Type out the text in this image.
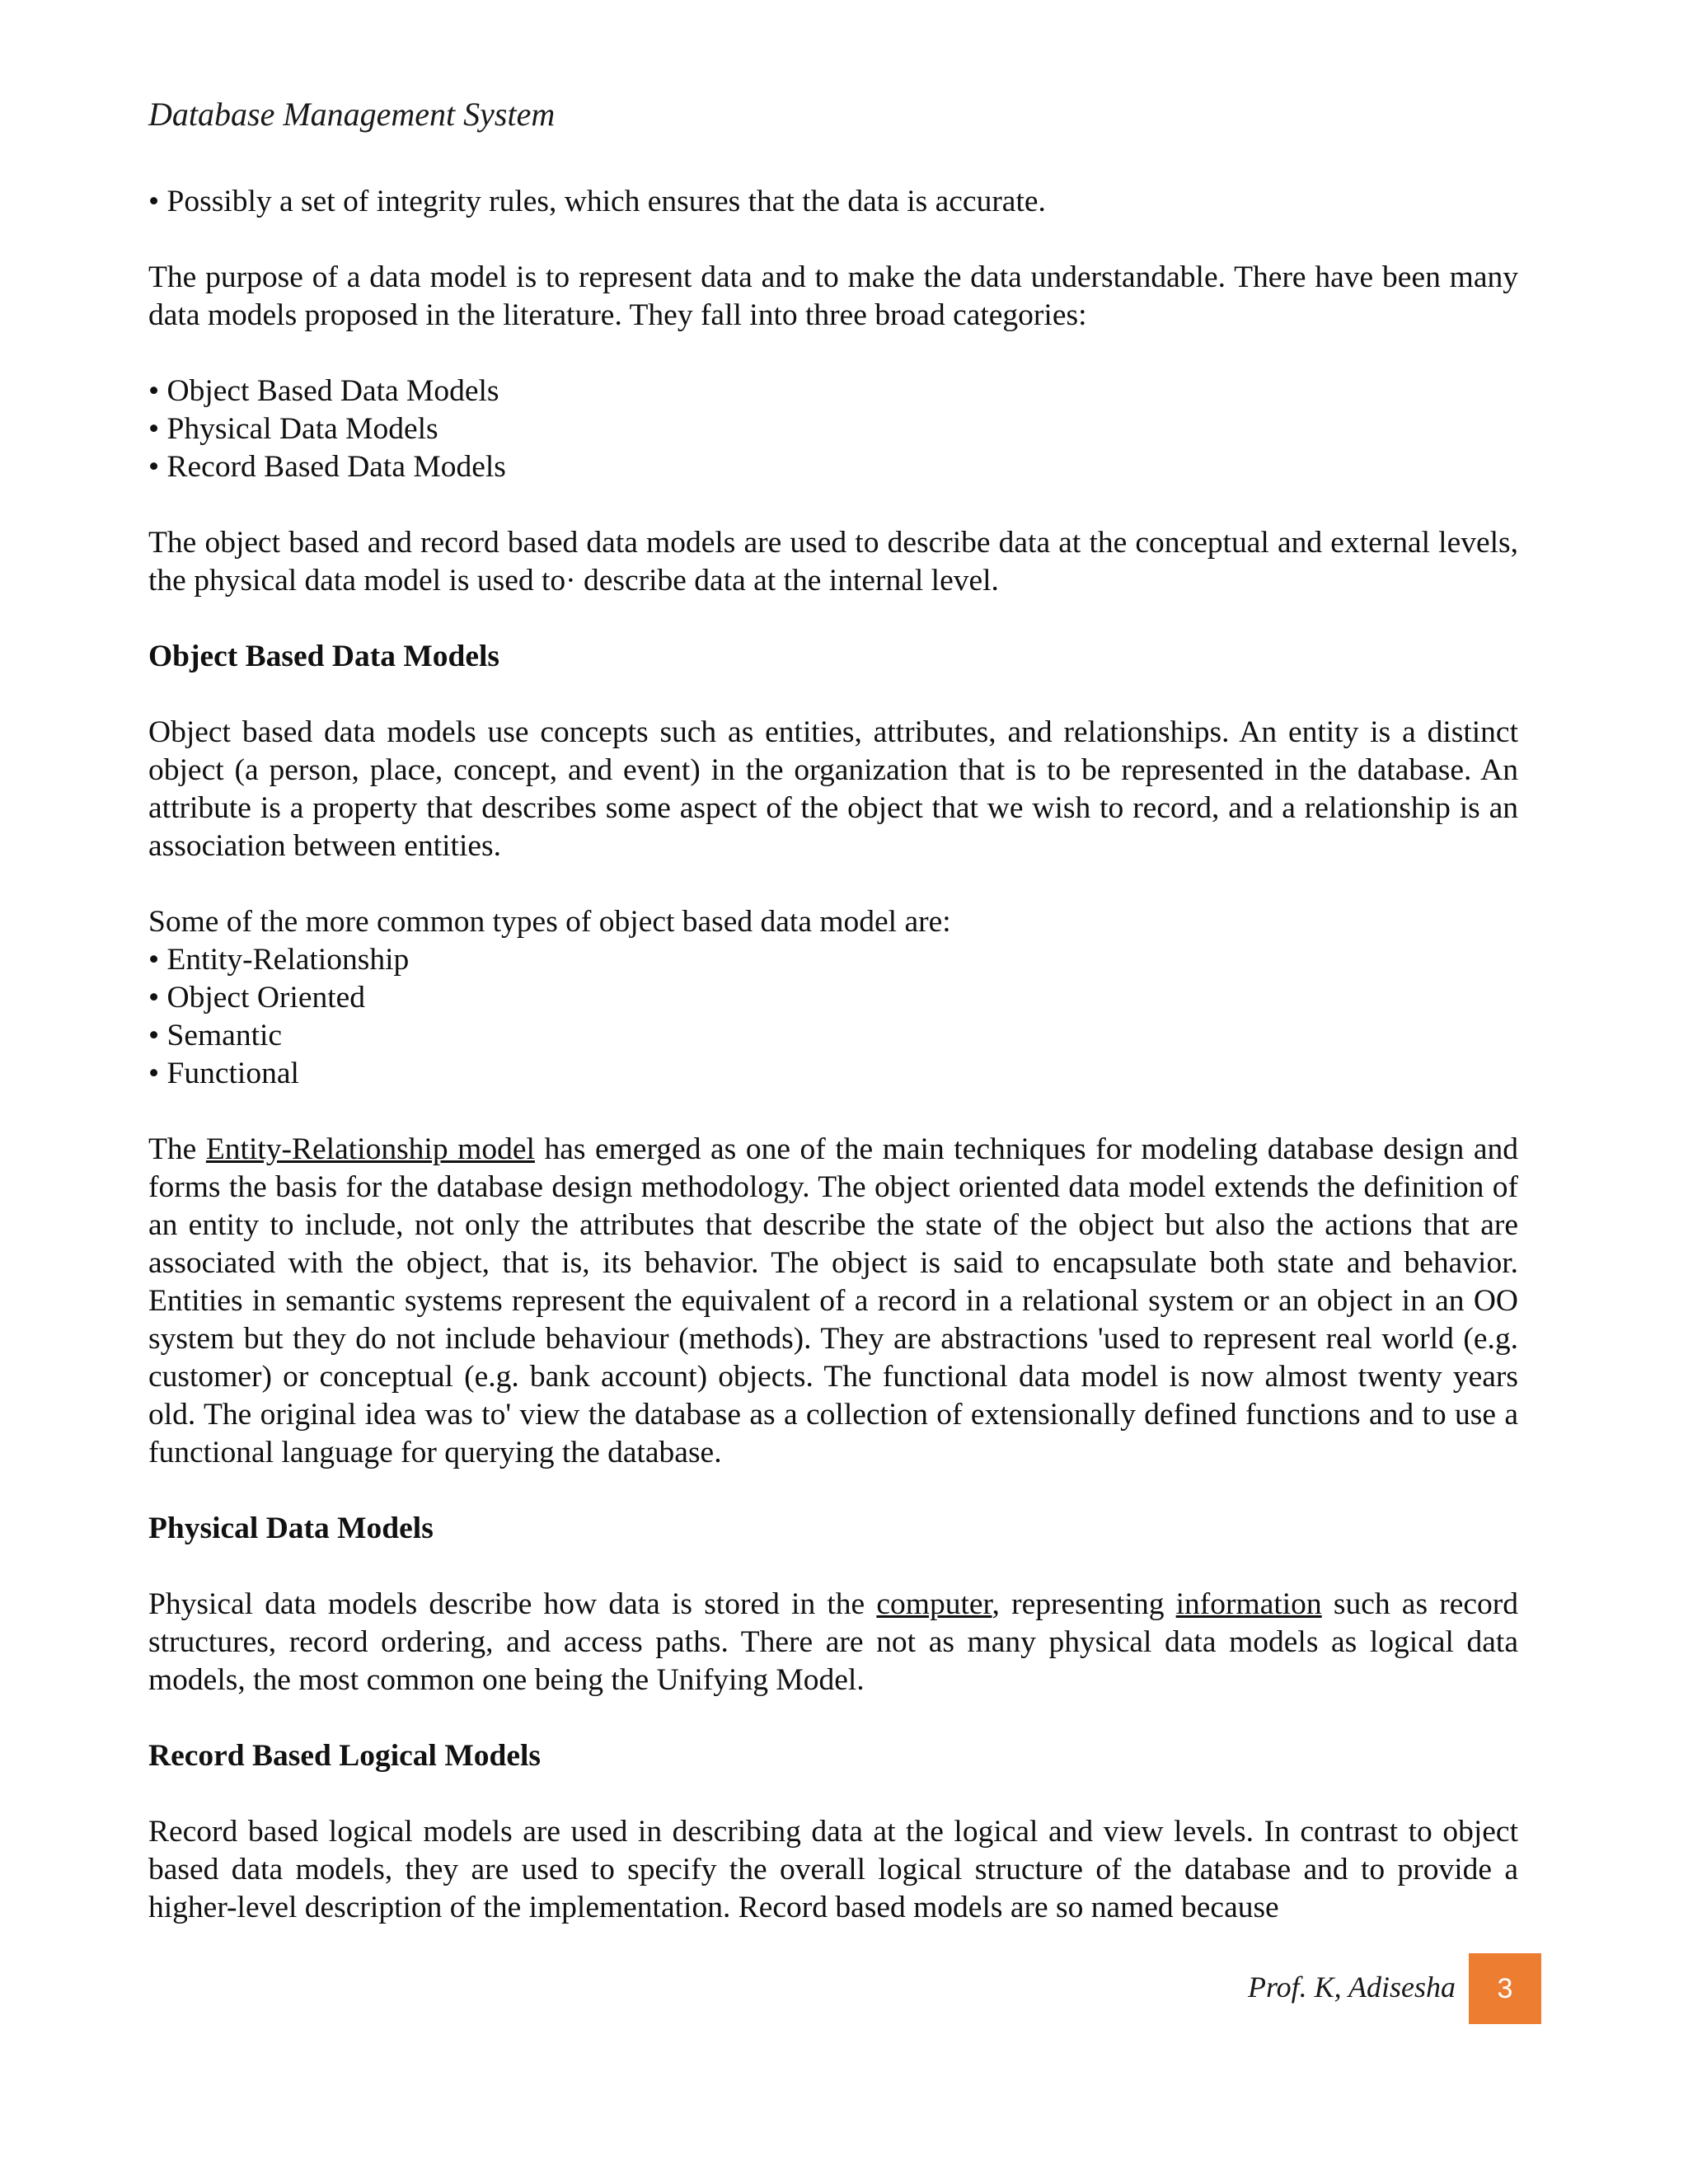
Database Management System
• Possibly a set of integrity rules, which ensures that the data is accurate.

The purpose of a data model is to represent data and to make the data understandable. There have been many data models proposed in the literature. They fall into three broad categories:

• Object Based Data Models
• Physical Data Models
• Record Based Data Models

The object based and record based data models are used to describe data at the conceptual and external levels, the physical data model is used to· describe data at the internal level.

Object Based Data Models

Object based data models use concepts such as entities, attributes, and relationships. An entity is a distinct object (a person, place, concept, and event) in the organization that is to be represented in the database. An attribute is a property that describes some aspect of the object that we wish to record, and a relationship is an association between entities.

Some of the more common types of object based data model are:

• Entity-Relationship
• Object Oriented
• Semantic
• Functional

The Entity-Relationship model has emerged as one of the main techniques for modeling database design and forms the basis for the database design methodology. The object oriented data model extends the definition of an entity to include, not only the attributes that describe the state of the object but also the actions that are associated with the object, that is, its behavior. The object is said to encapsulate both state and behavior. Entities in semantic systems represent the equivalent of a record in a relational system or an object in an OO system but they do not include behaviour (methods). They are abstractions 'used to represent real world (e.g. customer) or conceptual (e.g. bank account) objects. The functional data model is now almost twenty years old. The original idea was to' view the database as a collection of extensionally defined functions and to use a functional language for querying the database.

Physical Data Models

Physical data models describe how data is stored in the computer, representing information such as record structures, record ordering, and access paths. There are not as many physical data models as logical data models, the most common one being the Unifying Model.

Record Based Logical Models

Record based logical models are used in describing data at the logical and view levels. In contrast to object based data models, they are used to specify the overall logical structure of the database and to provide a higher-level description of the implementation. Record based models are so named because

Prof. K, Adisesha	3
